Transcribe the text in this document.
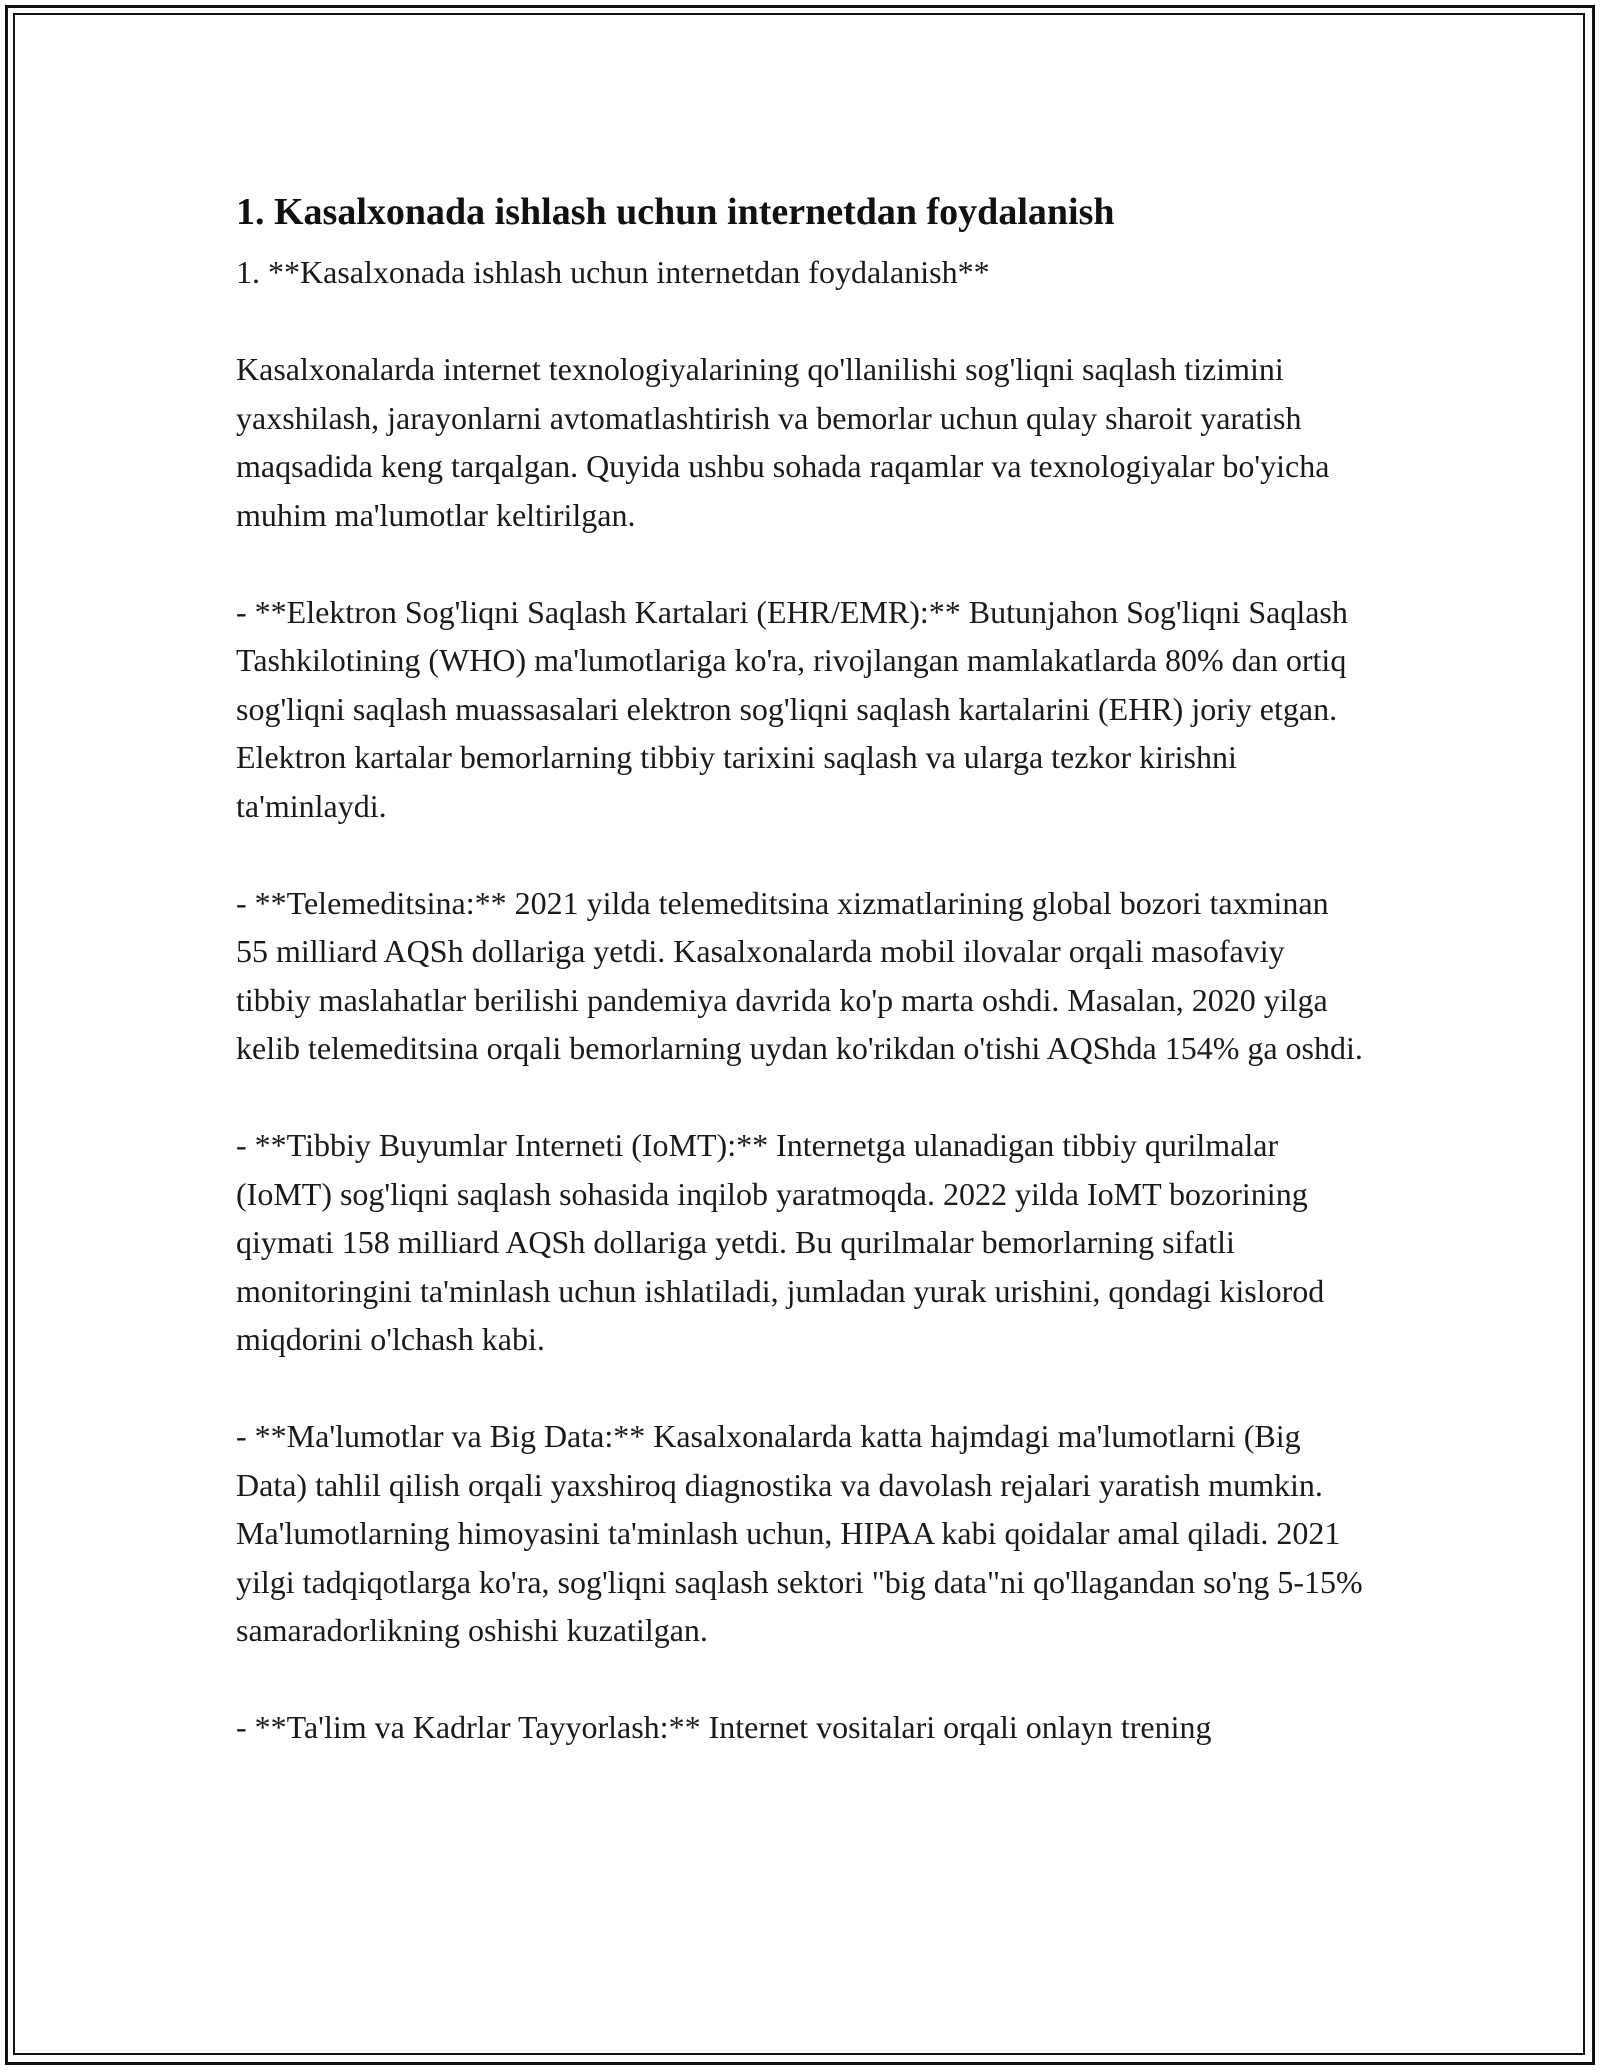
1. Kasalxonada ishlash uchun internetdan foydalanish

1. **Kasalxonada ishlash uchun internetdan foydalanish**

Kasalxonalarda internet texnologiyalarining qo'llanilishi sog'liqni saqlash tizimini yaxshilash, jarayonlarni avtomatlashtirish va bemorlar uchun qulay sharoit yaratish maqsadida keng tarqalgan. Quyida ushbu sohada raqamlar va texnologiyalar bo'yicha muhim ma'lumotlar keltirilgan.

- **Elektron Sog'liqni Saqlash Kartalari (EHR/EMR):** Butunjahon Sog'liqni Saqlash Tashkilotining (WHO) ma'lumotlariga ko'ra, rivojlangan mamlakatlarda 80% dan ortiq sog'liqni saqlash muassasalari elektron sog'liqni saqlash kartalarini (EHR) joriy etgan. Elektron kartalar bemorlarning tibbiy tarixini saqlash va ularga tezkor kirishni ta'minlaydi.

- **Telemeditsina:** 2021 yilda telemeditsina xizmatlarining global bozori taxminan 55 milliard AQSh dollariga yetdi. Kasalxonalarda mobil ilovalar orqali masofaviy tibbiy maslahatlar berilishi pandemiya davrida ko'p marta oshdi. Masalan, 2020 yilga kelib telemeditsina orqali bemorlarning uydan ko'rikdan o'tishi AQShda 154% ga oshdi.

- **Tibbiy Buyumlar Interneti (IoMT):** Internetga ulanadigan tibbiy qurilmalar (IoMT) sog'liqni saqlash sohasida inqilob yaratmoqda. 2022 yilda IoMT bozorining qiymati 158 milliard AQSh dollariga yetdi. Bu qurilmalar bemorlarning sifatli monitoringini ta'minlash uchun ishlatiladi, jumladan yurak urishini, qondagi kislorod miqdorini o'lchash kabi.

- **Ma'lumotlar va Big Data:** Kasalxonalarda katta hajmdagi ma'lumotlarni (Big Data) tahlil qilish orqali yaxshiroq diagnostika va davolash rejalari yaratish mumkin. Ma'lumotlarning himoyasini ta'minlash uchun, HIPAA kabi qoidalar amal qiladi. 2021 yilgi tadqiqotlarga ko'ra, sog'liqni saqlash sektori "big data"ni qo'llagandan so'ng 5-15% samaradorlikning oshishi kuzatilgan.

- **Ta'lim va Kadrlar Tayyorlash:** Internet vositalari orqali onlayn trening
